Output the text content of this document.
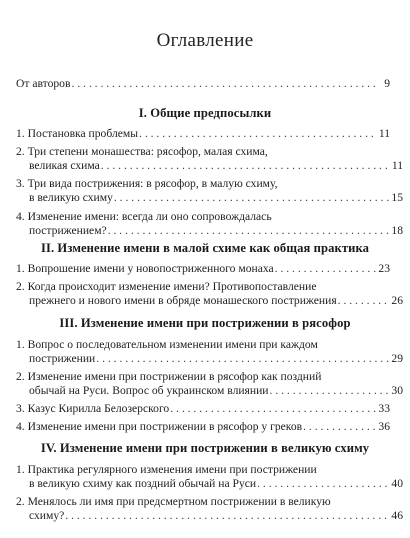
Оглавление
От авторов . . .	9
I. Общие предпосылки
1. Постановка проблемы . . .	11
2. Три степени монашества: рясофор, малая схима,
великая схима . . .	11
3. Три вида пострижения: в рясофор, в малую схиму,
в великую схиму . . .	15
4. Изменение имени: всегда ли оно сопровождалась
пострижением? . . .	18
II. Изменение имени в малой схиме как общая практика
1. Вопрошение имени у новопостриженного монаха . . .	23
2. Когда происходит изменение имени? Противопоставление
прежнего и нового имени в обряде монашеского пострижения . . .	26
III. Изменение имени при пострижении в рясофор
1. Вопрос о последовательном изменении имени при каждом
пострижении . . .	29
2. Изменение имени при пострижении в рясофор как поздний
обычай на Руси. Вопрос об украинском влиянии . . .	30
3. Казус Кирилла Белозерского . . .	33
4. Изменение имени при пострижении в рясофор у греков . . .	36
IV. Изменение имени при пострижении в великую схиму
1. Практика регулярного изменения имени при пострижении
в великую схиму как поздний обычай на Руси . . .	40
2. Менялось ли имя при предсмертном пострижении в великую
схиму? . . .	46
